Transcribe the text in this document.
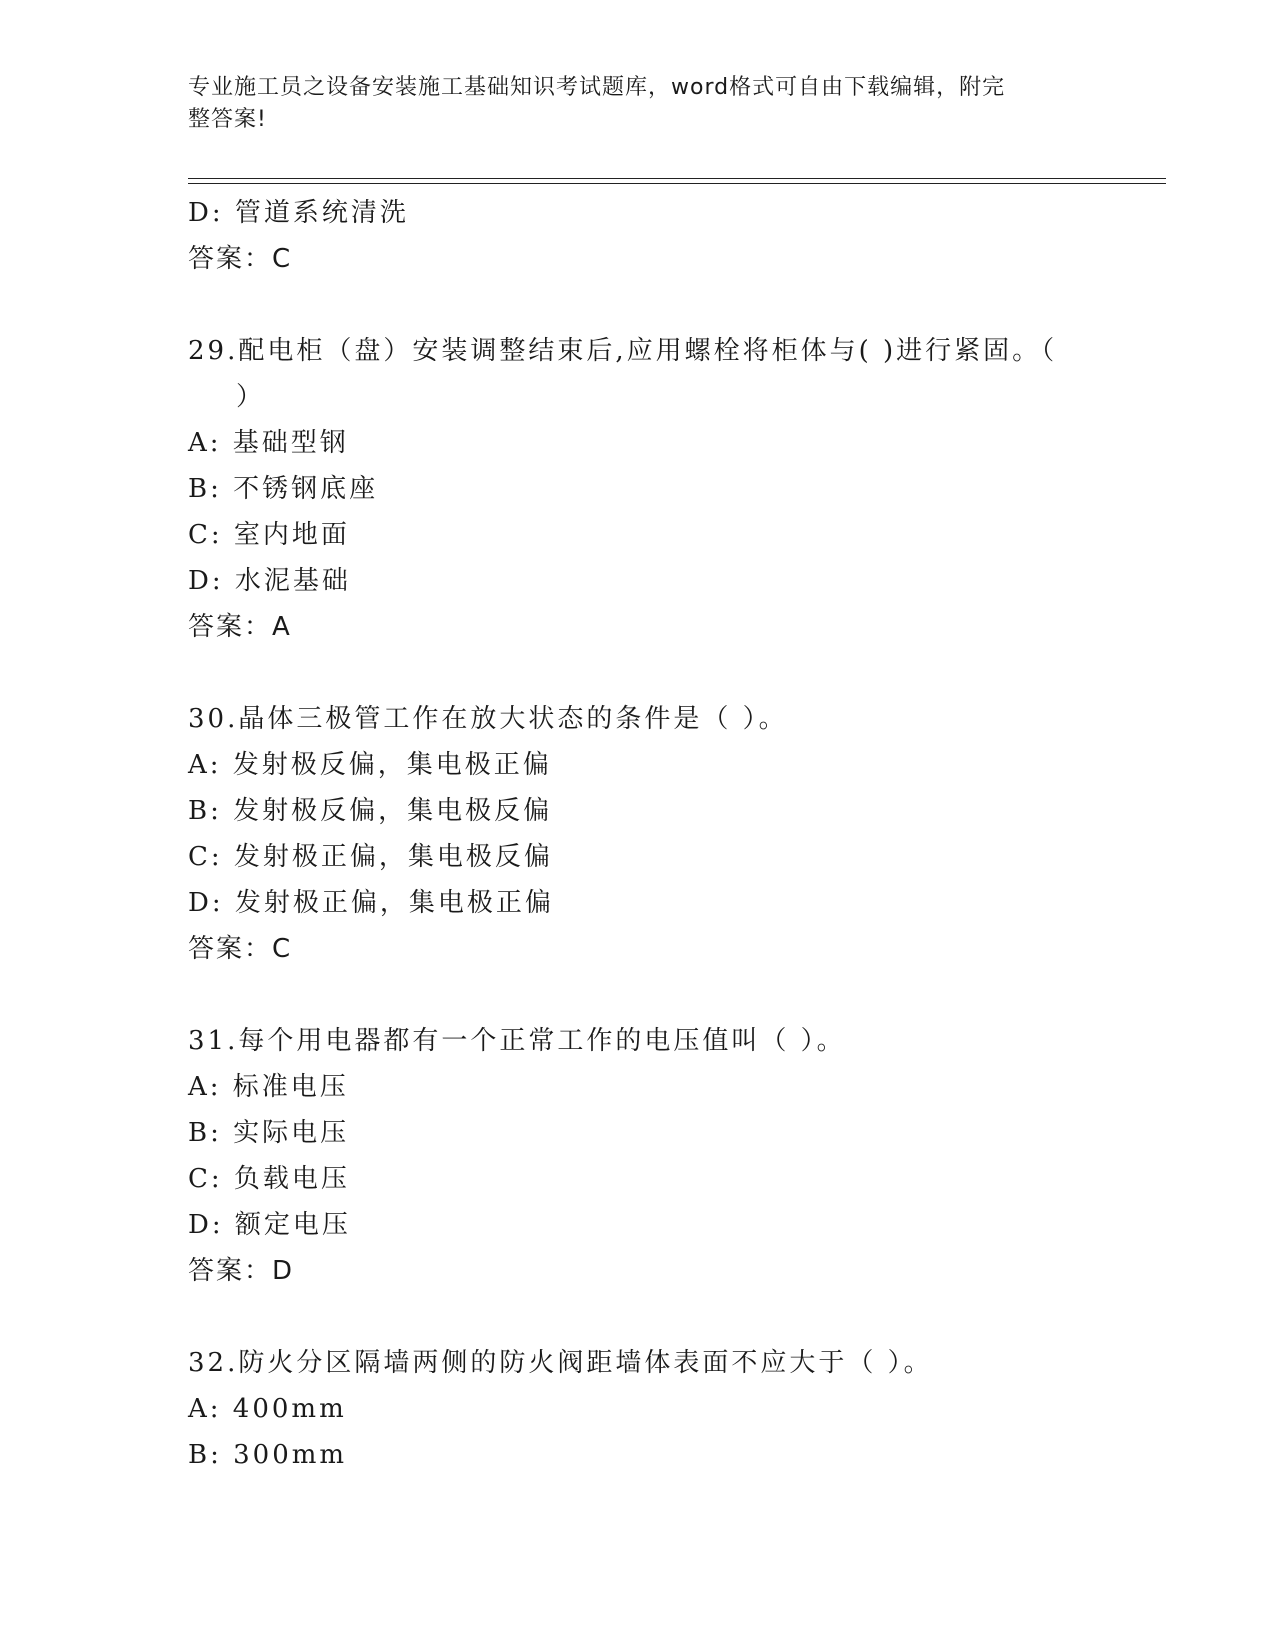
专业施工员之设备安装施工基础知识考试题库，word格式可自由下载编辑，附完
整答案!
D: 管道系统清洗
答案：C
29.配电柜（盘）安装调整结束后,应用螺栓将柜体与( )进行紧固。（
）
A: 基础型钢
B: 不锈钢底座
C: 室内地面
D: 水泥基础
答案：A
30.晶体三极管工作在放大状态的条件是（ ）。
A: 发射极反偏，集电极正偏
B: 发射极反偏，集电极反偏
C: 发射极正偏，集电极反偏
D: 发射极正偏，集电极正偏
答案：C
31.每个用电器都有一个正常工作的电压值叫（ ）。
A: 标准电压
B: 实际电压
C: 负载电压
D: 额定电压
答案：D
32.防火分区隔墙两侧的防火阀距墙体表面不应大于（ ）。
A: 400mm
B: 300mm
